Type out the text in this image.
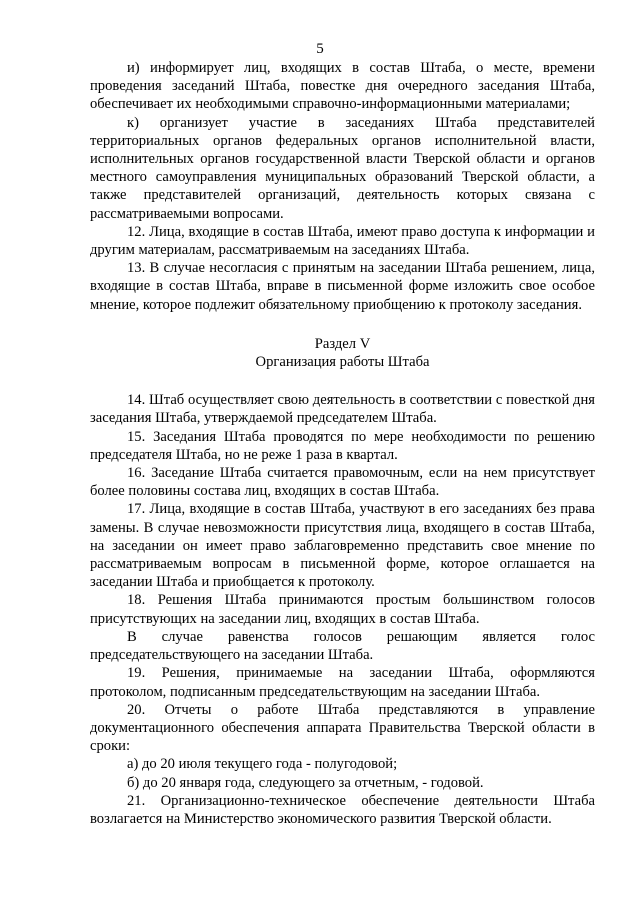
5

и) информирует лиц, входящих в состав Штаба, о месте, времени проведения заседаний Штаба, повестке дня очередного заседания Штаба, обеспечивает их необходимыми справочно-информационными материалами;

к) организует участие в заседаниях Штаба представителей территориальных органов федеральных органов исполнительной власти, исполнительных органов государственной власти Тверской области и органов местного самоуправления муниципальных образований Тверской области, а также представителей организаций, деятельность которых связана с рассматриваемыми вопросами.

12. Лица, входящие в состав Штаба, имеют право доступа к информации и другим материалам, рассматриваемым на заседаниях Штаба.

13. В случае несогласия с принятым на заседании Штаба решением, лица, входящие в состав Штаба, вправе в письменной форме изложить свое особое мнение, которое подлежит обязательному приобщению к протоколу заседания.

Раздел V
Организация работы Штаба

14. Штаб осуществляет свою деятельность в соответствии с повесткой дня заседания Штаба, утверждаемой председателем Штаба.

15. Заседания Штаба проводятся по мере необходимости по решению председателя Штаба, но не реже 1 раза в квартал.

16. Заседание Штаба считается правомочным, если на нем присутствует более половины состава лиц, входящих в состав Штаба.

17. Лица, входящие в состав Штаба, участвуют в его заседаниях без права замены. В случае невозможности присутствия лица, входящего в состав Штаба, на заседании он имеет право заблаговременно представить свое мнение по рассматриваемым вопросам в письменной форме, которое оглашается на заседании Штаба и приобщается к протоколу.

18. Решения Штаба принимаются простым большинством голосов присутствующих на заседании лиц, входящих в состав Штаба.

В случае равенства голосов решающим является голос председательствующего на заседании Штаба.

19. Решения, принимаемые на заседании Штаба, оформляются протоколом, подписанным председательствующим на заседании Штаба.

20. Отчеты о работе Штаба представляются в управление документационного обеспечения аппарата Правительства Тверской области в сроки:

а) до 20 июля текущего года - полугодовой;

б) до 20 января года, следующего за отчетным, - годовой.

21. Организационно-техническое обеспечение деятельности Штаба возлагается на Министерство экономического развития Тверской области.
